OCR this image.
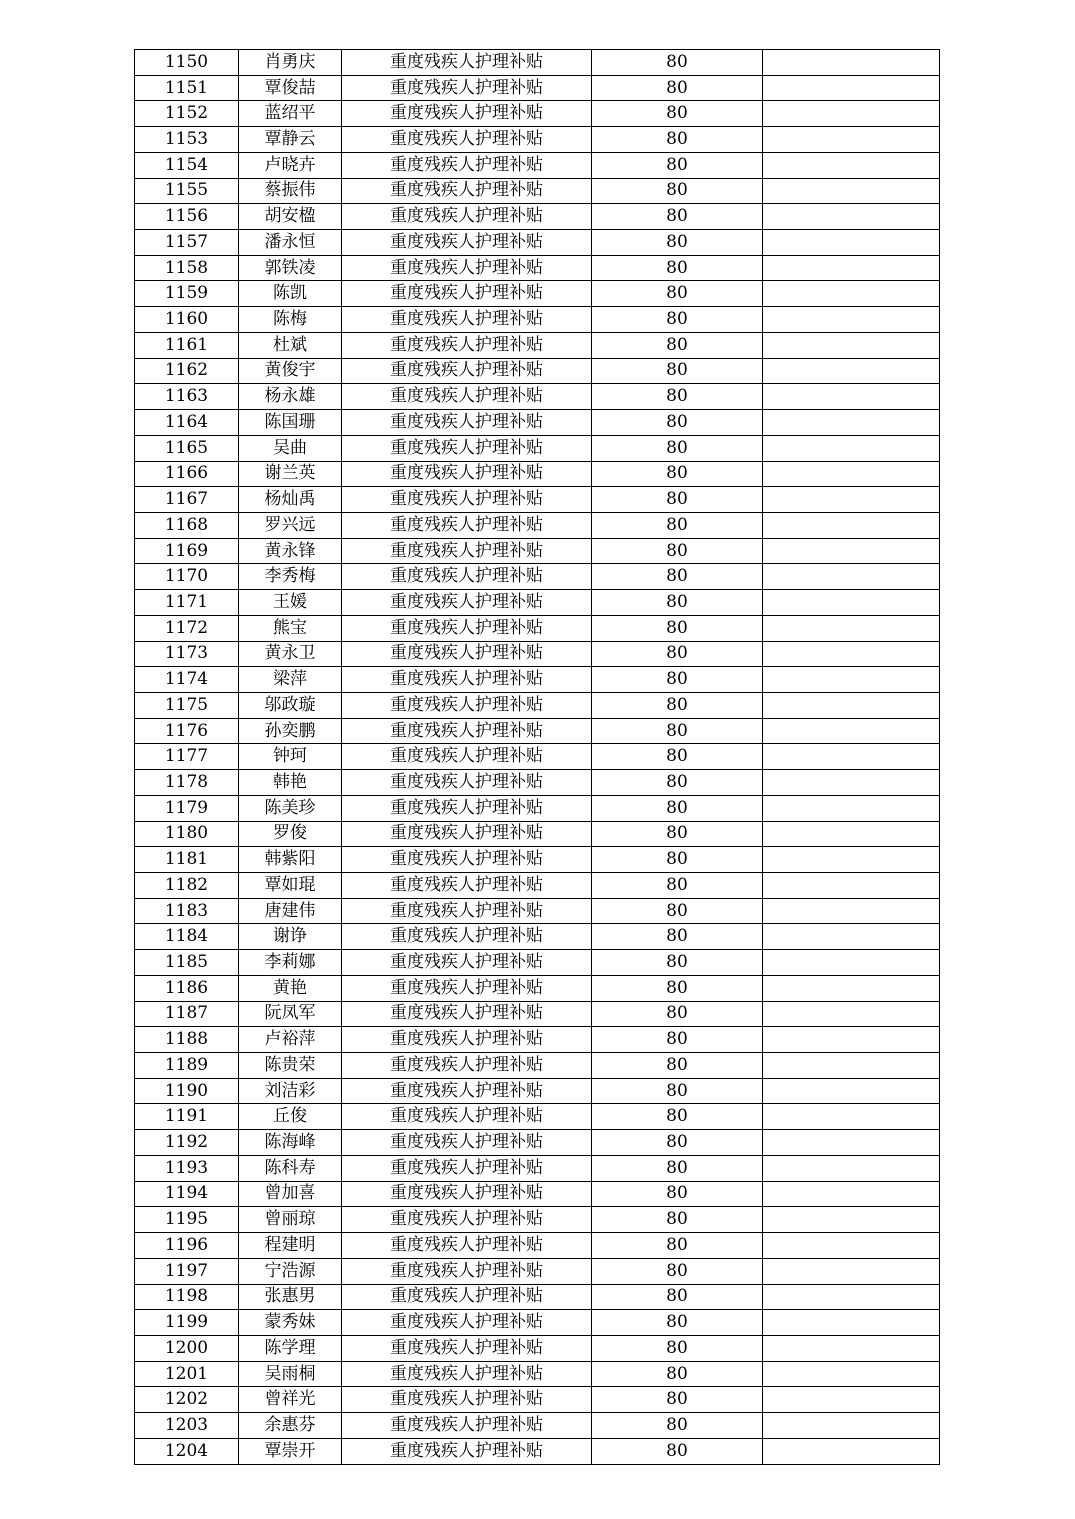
1150	肖勇庆	重度残疾人护理补贴	80	
1151	覃俊喆	重度残疾人护理补贴	80	
1152	蓝绍平	重度残疾人护理补贴	80	
1153	覃静云	重度残疾人护理补贴	80	
1154	卢晓卉	重度残疾人护理补贴	80	
1155	蔡振伟	重度残疾人护理补贴	80	
1156	胡安楹	重度残疾人护理补贴	80	
1157	潘永恒	重度残疾人护理补贴	80	
1158	郭铁凌	重度残疾人护理补贴	80	
1159	陈凯	重度残疾人护理补贴	80	
1160	陈梅	重度残疾人护理补贴	80	
1161	杜斌	重度残疾人护理补贴	80	
1162	黄俊宇	重度残疾人护理补贴	80	
1163	杨永雄	重度残疾人护理补贴	80	
1164	陈国珊	重度残疾人护理补贴	80	
1165	吴曲	重度残疾人护理补贴	80	
1166	谢兰英	重度残疾人护理补贴	80	
1167	杨灿禹	重度残疾人护理补贴	80	
1168	罗兴远	重度残疾人护理补贴	80	
1169	黄永锋	重度残疾人护理补贴	80	
1170	李秀梅	重度残疾人护理补贴	80	
1171	王媛	重度残疾人护理补贴	80	
1172	熊宝	重度残疾人护理补贴	80	
1173	黄永卫	重度残疾人护理补贴	80	
1174	梁萍	重度残疾人护理补贴	80	
1175	邬政璇	重度残疾人护理补贴	80	
1176	孙奕鹏	重度残疾人护理补贴	80	
1177	钟珂	重度残疾人护理补贴	80	
1178	韩艳	重度残疾人护理补贴	80	
1179	陈美珍	重度残疾人护理补贴	80	
1180	罗俊	重度残疾人护理补贴	80	
1181	韩紫阳	重度残疾人护理补贴	80	
1182	覃如琨	重度残疾人护理补贴	80	
1183	唐建伟	重度残疾人护理补贴	80	
1184	谢诤	重度残疾人护理补贴	80	
1185	李莉娜	重度残疾人护理补贴	80	
1186	黄艳	重度残疾人护理补贴	80	
1187	阮凤军	重度残疾人护理补贴	80	
1188	卢裕萍	重度残疾人护理补贴	80	
1189	陈贵荣	重度残疾人护理补贴	80	
1190	刘洁彩	重度残疾人护理补贴	80	
1191	丘俊	重度残疾人护理补贴	80	
1192	陈海峰	重度残疾人护理补贴	80	
1193	陈科寿	重度残疾人护理补贴	80	
1194	曾加喜	重度残疾人护理补贴	80	
1195	曾丽琼	重度残疾人护理补贴	80	
1196	程建明	重度残疾人护理补贴	80	
1197	宁浩源	重度残疾人护理补贴	80	
1198	张惠男	重度残疾人护理补贴	80	
1199	蒙秀妹	重度残疾人护理补贴	80	
1200	陈学理	重度残疾人护理补贴	80	
1201	吴雨桐	重度残疾人护理补贴	80	
1202	曾祥光	重度残疾人护理补贴	80	
1203	余惠芬	重度残疾人护理补贴	80	
1204	覃崇开	重度残疾人护理补贴	80	
